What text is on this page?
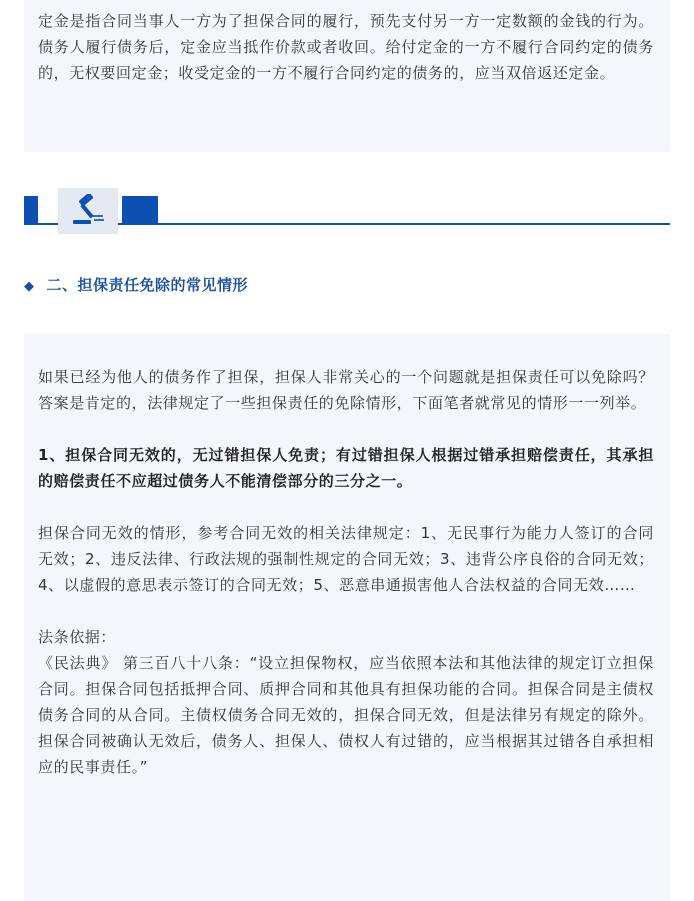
定金是指合同当事人一方为了担保合同的履行，预先支付另一方一定数额的金钱的行为。债务人履行债务后，定金应当抵作价款或者收回。给付定金的一方不履行合同约定的债务的，无权要回定金；收受定金的一方不履行合同约定的债务的，应当双倍返还定金。

◆ 二、担保责任免除的常见情形

如果已经为他人的债务作了担保，担保人非常关心的一个问题就是担保责任可以免除吗？答案是肯定的，法律规定了一些担保责任的免除情形，下面笔者就常见的情形一一列举。

1、担保合同无效的，无过错担保人免责；有过错担保人根据过错承担赔偿责任，其承担的赔偿责任不应超过债务人不能清偿部分的三分之一。

担保合同无效的情形，参考合同无效的相关法律规定：1、无民事行为能力人签订的合同无效；2、违反法律、行政法规的强制性规定的合同无效；3、违背公序良俗的合同无效；4、以虚假的意思表示签订的合同无效；5、恶意串通损害他人合法权益的合同无效……

法条依据：

《民法典》 第三百八十八条：“设立担保物权，应当依照本法和其他法律的规定订立担保合同。担保合同包括抵押合同、质押合同和其他具有担保功能的合同。担保合同是主债权债务合同的从合同。主债权债务合同无效的，担保合同无效，但是法律另有规定的除外。担保合同被确认无效后，债务人、担保人、债权人有过错的，应当根据其过错各自承担相应的民事责任。”
